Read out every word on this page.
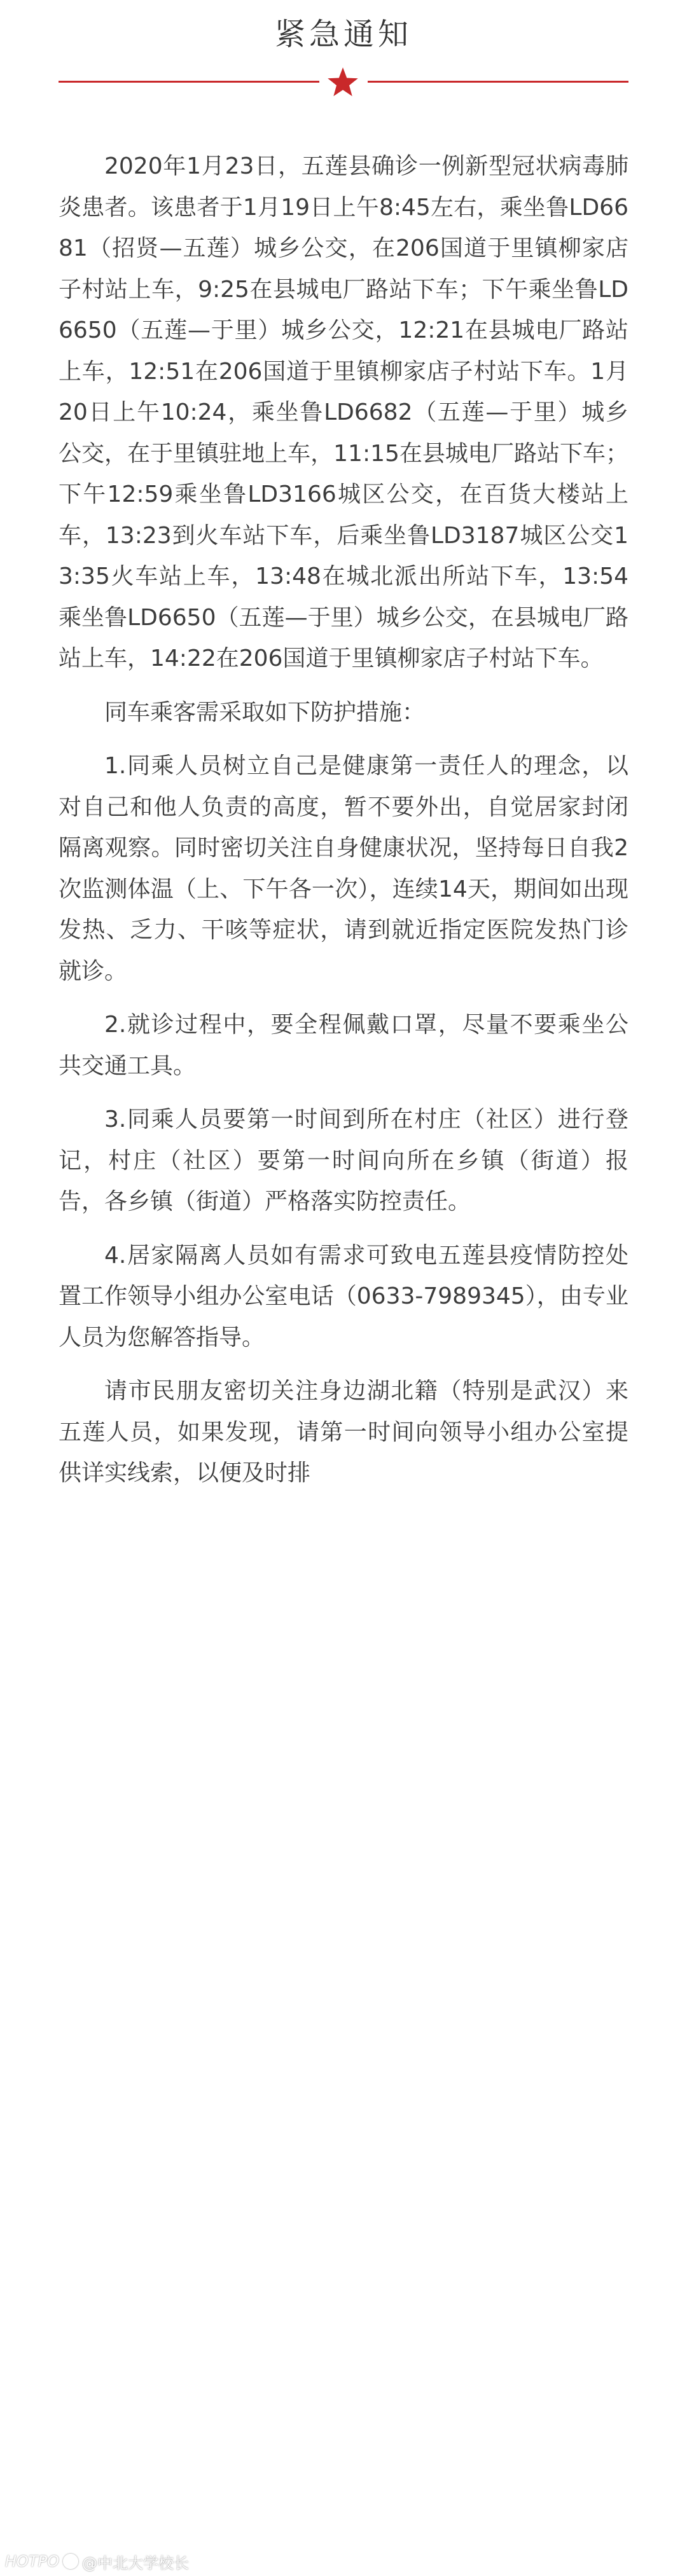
紧急通知

2020年1月23日，五莲县确诊一例新型冠状病毒肺炎患者。该患者于1月19日上午8:45左右，乘坐鲁LD6681（招贤—五莲）城乡公交，在206国道于里镇柳家店子村站上车，9:25在县城电厂路站下车；下午乘坐鲁LD6650（五莲—于里）城乡公交，12:21在县城电厂路站上车，12:51在206国道于里镇柳家店子村站下车。1月20日上午10:24，乘坐鲁LD6682（五莲—于里）城乡公交，在于里镇驻地上车，11:15在县城电厂路站下车；下午12:59乘坐鲁LD3166城区公交，在百货大楼站上车，13:23到火车站下车，后乘坐鲁LD3187城区公交13:35火车站上车，13:48在城北派出所站下车，13:54乘坐鲁LD6650（五莲—于里）城乡公交，在县城电厂路站上车，14:22在206国道于里镇柳家店子村站下车。

同车乘客需采取如下防护措施：

1.同乘人员树立自己是健康第一责任人的理念，以对自己和他人负责的高度，暂不要外出，自觉居家封闭隔离观察。同时密切关注自身健康状况，坚持每日自我2次监测体温（上、下午各一次），连续14天，期间如出现发热、乏力、干咳等症状，请到就近指定医院发热门诊就诊。

2.就诊过程中，要全程佩戴口罩，尽量不要乘坐公共交通工具。

3.同乘人员要第一时间到所在村庄（社区）进行登记，村庄（社区）要第一时间向所在乡镇（街道）报告，各乡镇（街道）严格落实防控责任。

4.居家隔离人员如有需求可致电五莲县疫情防控处置工作领导小组办公室电话（0633-7989345），由专业人员为您解答指导。

请市民朋友密切关注身边湖北籍（特别是武汉）来五莲人员，如果发现，请第一时间向领导小组办公室提供详实线索，以便及时排

HOTPO @中北大学校长
